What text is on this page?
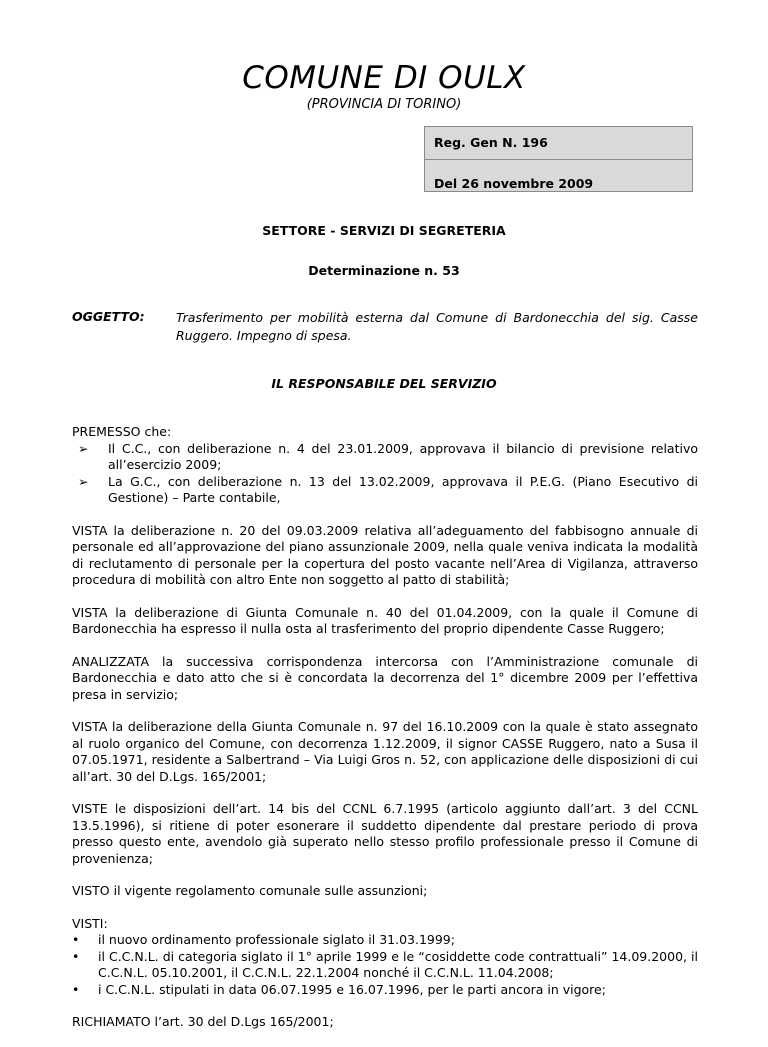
COMUNE DI OULX
(PROVINCIA DI TORINO)
Reg. Gen N. 196
Del 26 novembre 2009
SETTORE - SERVIZI DI SEGRETERIA
Determinazione n. 53
OGGETTO:	Trasferimento per mobilità esterna dal Comune di Bardonecchia del sig. Casse Ruggero. Impegno di spesa.
IL RESPONSABILE DEL SERVIZIO

PREMESSO che:

➢ Il C.C., con deliberazione n. 4 del 23.01.2009, approvava il bilancio di previsione relativo all’esercizio 2009;
➢ La G.C., con deliberazione n. 13 del 13.02.2009, approvava il P.E.G. (Piano Esecutivo di Gestione) – Parte contabile,

VISTA la deliberazione n. 20 del 09.03.2009 relativa all’adeguamento del fabbisogno annuale di personale ed all’approvazione del piano assunzionale 2009, nella quale veniva indicata la modalità di reclutamento di personale per la copertura del posto vacante nell’Area di Vigilanza, attraverso procedura di mobilità con altro Ente non soggetto al patto di stabilità;

VISTA la deliberazione di Giunta Comunale n. 40 del 01.04.2009, con la quale il Comune di Bardonecchia ha espresso il nulla osta al trasferimento del proprio dipendente Casse Ruggero;

ANALIZZATA la successiva corrispondenza intercorsa con l’Amministrazione comunale di Bardonecchia e dato atto che si è concordata la decorrenza del 1° dicembre 2009 per l’effettiva presa in servizio;

VISTA la deliberazione della Giunta Comunale n. 97 del 16.10.2009 con la quale è stato assegnato al ruolo organico del Comune, con decorrenza 1.12.2009, il signor CASSE Ruggero, nato a Susa il 07.05.1971, residente a Salbertrand – Via Luigi Gros n. 52, con applicazione delle disposizioni di cui all’art. 30 del D.Lgs. 165/2001;

VISTE le disposizioni dell’art. 14 bis del CCNL 6.7.1995 (articolo aggiunto dall’art. 3 del CCNL 13.5.1996), si ritiene di poter esonerare il suddetto dipendente dal prestare periodo di prova presso questo ente, avendolo già superato nello stesso profilo professionale presso il Comune di provenienza;

VISTO il vigente regolamento comunale sulle assunzioni;

VISTI:

• il nuovo ordinamento professionale siglato il 31.03.1999;
• il C.C.N.L. di categoria siglato il 1° aprile 1999 e le “cosiddette code contrattuali” 14.09.2000, il C.C.N.L. 05.10.2001, il C.C.N.L. 22.1.2004 nonché il C.C.N.L. 11.04.2008;
• i C.C.N.L. stipulati in data 06.07.1995 e 16.07.1996, per le parti ancora in vigore;

RICHIAMATO l’art. 30 del D.Lgs 165/2001;
